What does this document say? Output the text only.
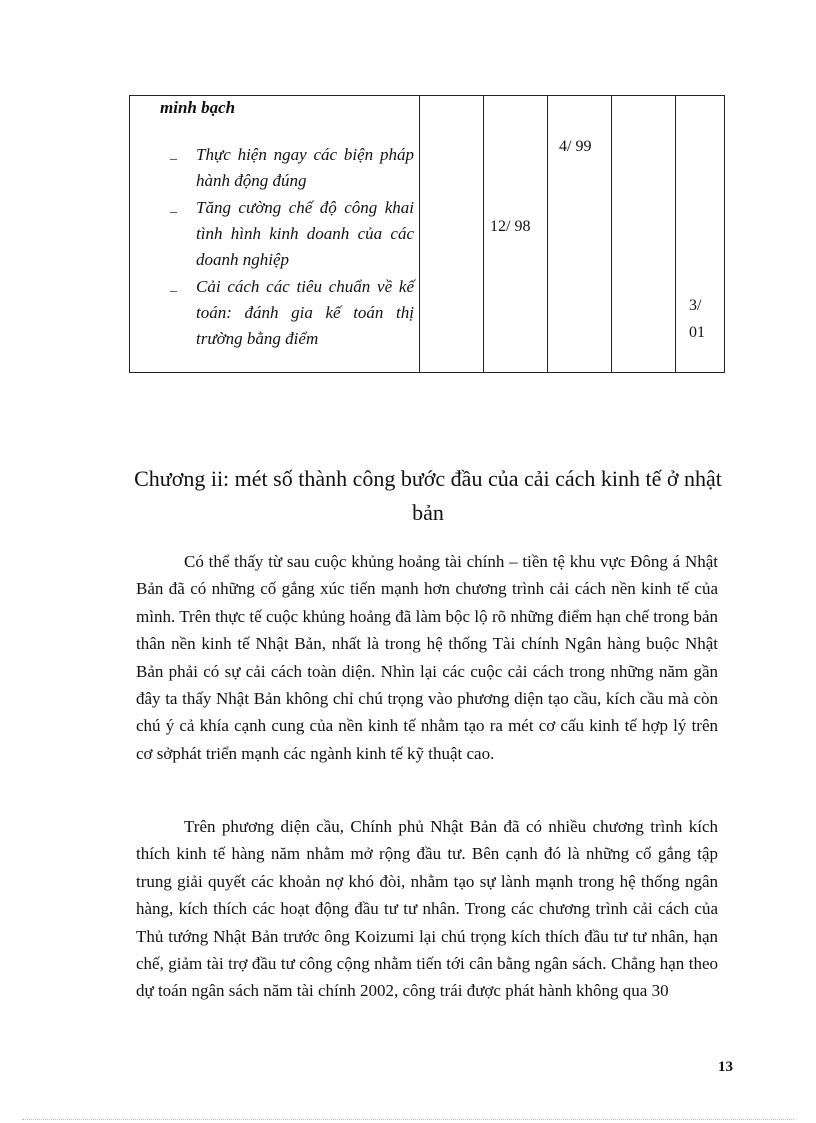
minh bạch
_ Thực hiện ngay các biện pháp hành động đúng
_ Tăng cường chế độ công khai tình hình kinh doanh của các doanh nghiệp
_ Cải cách các tiêu chuẩn về kế toán: đánh gia kế toán thị trường bằng điểm
12/ 98
4/ 99
3/
01
Chương ii: mét số thành công bước đầu của cải cách kinh tế ở nhật bản

Có thể thấy từ sau cuộc khủng hoảng tài chính – tiền tệ khu vực Đông á Nhật Bản đã có những cố gắng xúc tiến mạnh hơn chương trình cải cách nền kinh tế của mình. Trên thực tế cuộc khủng hoảng đã làm bộc lộ rõ những điểm hạn chế trong bản thân nền kinh tế Nhật Bản, nhất là trong hệ thống Tài chính Ngân hàng buộc Nhật Bản phải có sự cải cách toàn diện. Nhìn lại các cuộc cải cách trong những năm gần đây ta thấy Nhật Bản không chỉ chú trọng vào phương diện tạo cầu, kích cầu mà còn chú ý cả khía cạnh cung của nền kinh tế nhằm tạo ra mét cơ cấu kinh tế hợp lý trên cơ sởphát triển mạnh các ngành kinh tế kỹ thuật cao.

Trên phương diện cầu, Chính phủ Nhật Bản đã có nhiều chương trình kích thích kinh tế hàng năm nhằm mở rộng đầu tư. Bên cạnh đó là những cố gắng tập trung giải quyết các khoản nợ khó đòi, nhằm tạo sự lành mạnh trong hệ thống ngân hàng, kích thích các hoạt động đầu tư tư nhân. Trong các chương trình cải cách của Thủ tướng Nhật Bản trước ông Koizumi lại chú trọng kích thích đầu tư tư nhân, hạn chế, giảm tài trợ đầu tư công cộng nhằm tiến tới cân bằng ngân sách. Chẳng hạn theo dự toán ngân sách năm tài chính 2002, công trái được phát hành không qua 30

13
